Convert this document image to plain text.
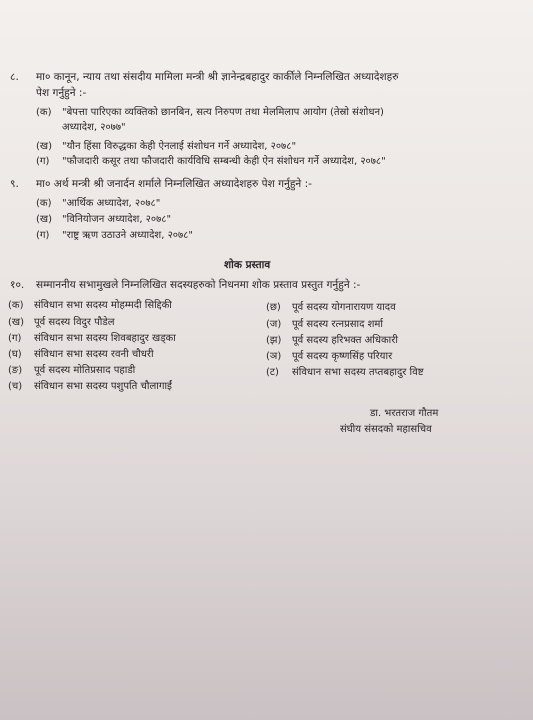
८. मा० कानून, न्याय तथा संसदीय मामिला मन्त्री श्री ज्ञानेन्द्रबहादुर कार्कीले निम्नलिखित अध्यादेशहरु
पेश गर्नुहुने :-
(क) "बेपत्ता पारिएका व्यक्तिको छानबिन, सत्य निरुपण तथा मेलमिलाप आयोग (तेस्रो संशोधन)
अध्यादेश, २०७७"
(ख) "यौन हिंसा विरुद्धका केही ऐनलाई संशोधन गर्ने अध्यादेश, २०७८"
(ग) "फौजदारी कसूर तथा फौजदारी कार्यविधि सम्बन्धी केही ऐन संशोधन गर्ने अध्यादेश, २०७८"
९. मा० अर्थ मन्त्री श्री जनार्दन शर्माले निम्नलिखित अध्यादेशहरु पेश गर्नुहुने :-
(क) "आर्थिक अध्यादेश, २०७८"
(ख) "विनियोजन अध्यादेश, २०७८"
(ग) "राष्ट्र ऋण उठाउने अध्यादेश, २०७८"
शोक प्रस्ताव
१०. सम्माननीय सभामुखले निम्नलिखित सदस्यहरुको निधनमा शोक प्रस्ताव प्रस्तुत गर्नुहुने :-
(क) संविधान सभा सदस्य मोहम्मदी सिद्दिकी
(ख) पूर्व सदस्य विदुर पौडेल
(ग) संविधान सभा सदस्य शिवबहादुर खड्का
(घ) संविधान सभा सदस्य रवनी चौधरी
(ङ) पूर्व सदस्य मोतिप्रसाद पहाडी
(च) संविधान सभा सदस्य पशुपति चौलागाईं
(छ) पूर्व सदस्य योगनारायण यादव
(ज) पूर्व सदस्य रत्नप्रसाद शर्मा
(झ) पूर्व सदस्य हरिभक्त अधिकारी
(ञ) पूर्व सदस्य कृष्णसिंह परियार
(ट) संविधान सभा सदस्य तप्तबहादुर विष्ट
डा. भरतराज गौतम
संघीय संसदको महासचिव
